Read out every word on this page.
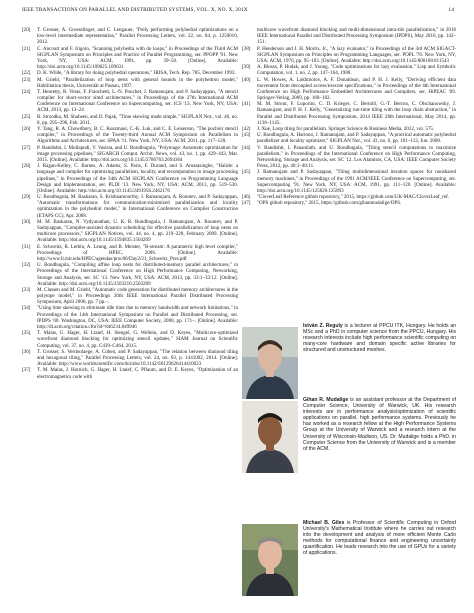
IEEE TRANSACTIONS ON PARALLEL AND DISTRIBUTED SYSTEMS, VOL. X, NO. X, 201X	14

[20]	T. Grosser, A. Groesslinger, and C. Lengauer, "Polly performing polyhedral optimizations on a low-level intermediate representation," Parallel Processing Letters, vol. 22, no. 04, p. 1250010, 2012.

[21]	C. Ancourt and F. Irigoin, "Scanning polyhedra with do loops," in Proceedings of the Third ACM SIGPLAN Symposium on Principles and Practice of Parallel Programming, ser. PPOPP '91. New York, NY, USA: ACM, 1991, pp. 39–50. [Online]. Available: http://doi.acm.org/10.1145/109625.109631

[22]	D. K. Wilde, "A library for doing polyhedral operations," IRISA, Tech. Rep. 785, December 1993.

[23]	M. Griebl, "Parallelization of loop nests with general bounds in the polyhedron model," Habilitation thesis, Universität at Passau, 1997.

[24]	T. Henretty, R. Veras, F. Franchetti, L.-N. Pouchet, J. Ramanujam, and P. Sadayappan, "A stencil compiler for short-vector simd architectures," in Proceedings of the 27th International ACM Conference on International Conference on Supercomputing, ser. ICS '13. New York, NY, USA: ACM, 2013, pp. 13–24.

[25]	R. Strzodka, M. Shaheen, and D. Pajak, "Time skewing made simple," SIGPLAN Not., vol. 46, no. 8, pp. 295–296, Feb. 2011.

[26]	Y. Tang, R. A. Chowdhury, B. C. Kuszmaul, C.-K. Luk, and C. E. Leiserson, "The pochoir stencil compiler," in Proceedings of the Twenty-third Annual ACM Symposium on Parallelism in Algorithms and Architectures, ser. SPAA '11. New York, NY, USA: ACM, 2011, pp. 117–128.

[27]	P. Bandishti, I. Mullapudi, V. Vasista, and U. Bondhugula, "Polymage: Automatic optimization for image processing pipelines," SIGARCH Comput. Archit. News, vol. 43, no. 1, pp. 429–443, Mar. 2015. [Online]. Available: http://doi.acm.org/10.1145/2786763.2694364

[28]	J. Ragan-Kelley, C. Barnes, A. Adams, S. Paris, F. Durand, and S. Amarasinghe, "Halide: a language and compiler for optimizing parallelism, locality, and recomputation in image processing pipelines," in Proceedings of the 34th ACM SIGPLAN Conference on Programming Language Design and Implementation, ser. PLDI '13. New York, NY, USA: ACM, 2013, pp. 519–530. [Online]. Available: http://doi.acm.org/10.1145/2491956.2462176

[29]	U. Bondhugula, M. Baskaran, S. Krishnamoorthy, J. Ramanujam, A. Rountev, and P. Sadayappan, "Automatic transformations for communication-minimized parallelization and locality optimization in the polyhedral model," in International Conference on Compiler Construction (ETAPS CC), Apr. 2008.

[30]	M. M. Baskaran, N. Vydyanathan, U. K. R. Bondhugula, J. Ramanujam, A. Rountev, and P. Sadayappan, "Compiler-assisted dynamic scheduling for effective parallelization of loop nests on multicore processors," SIGPLAN Notices, vol. 44, no. 4, pp. 219–228, February 2009. [Online]. Available: http://doi.acm.org/10.1145/1594835.1504209

[31]	E. Schweitz, R. Lethin, A. Leung, and B. Meister, "R-stream: A parametric high level compiler," Proceedings of HPEC, 2006. [Online]. Available: http://www.ll.mit.edu/HPEC/agendas/proc06/Day2/21_Schweitz_Pres.pdf

[32]	U. Bondhugula, "Compiling affine loop nests for distributed-memory parallel architectures," in Proceedings of the International Conference on High Performance Computing, Networking, Storage and Analysis, ser. SC '13. New York, NY, USA: ACM, 2013, pp. 33:1–33:12. [Online]. Available: http://doi.acm.org/10.1145/2503210.2503289

[33]	M. Classen and M. Griebl, "Automatic code generation for distributed memory architectures in the polytope model," in Proceedings 20th IEEE International Parallel Distributed Processing Symposium, April 2006, pp. 7 pp.–.

[34]	"Using time skewing to eliminate idle time due to memory bandwidth and network limitations," in Proceedings of the 14th International Symposium on Parallel and Distributed Processing, ser. IPDPS '00. Washington, DC, USA: IEEE Computer Society, 2000, pp. 171–. [Online]. Available: http://dl.acm.org/citation.cfm?id=846234.849946

[35]	T. Malas, G. Hager, H. Ltaief, H. Stengel, G. Wellein, and D. Keyes, "Multicore-optimized wavefront diamond blocking for optimizing stencil updates," SIAM Journal on Scientific Computing, vol. 37, no. 4, pp. C439–C464, 2015.

[36]	T. Grosser, S. Verdoolaege, A. Cohen, and P. Sadayappan, "The relation between diamond tiling and hexagonal tiling," Parallel Processing Letters, vol. 24, no. 03, p. 1441002, 2014. [Online]. Available: http://www.worldscientific.com/doi/abs/10.1142/S0129626414410023

[37]	T. M. Malas, J. Hornich, G. Hager, H. Ltaief, C. Pflaum, and D. E. Keyes, "Optimization of an electromagnetics code with

multicore wavefront diamond blocking and multi-dimensional intra-tile parallelization," in 2016 IEEE International Parallel and Distributed Processing Symposium (IPDPS), May 2016, pp. 142–151.

[38]	P. Henderson and J. H. Morris, Jr., "A lazy evaluator," in Proceedings of the 3rd ACM SIGACT-SIGPLAN Symposium on Principles on Programming Languages, ser. POPL '76. New York, NY, USA: ACM, 1976, pp. 95–103. [Online]. Available: http://doi.acm.org/10.1145/800168.811543

[39]	A. Blosss, P. Hudak, and J. Young, "Code optimizations for lazy evaluation," Lisp and Symbolic Computation, vol. 1, no. 2, pp. 147–164, 1988.

[40]	L. W. Howes, A. Lokhmotov, A. F. Donaldson, and P. H. J. Kelly, "Deriving efficient data movement from decoupled access/execute specifications," in Proceedings of the 4th International Conference on High Performance Embedded Architectures and Compilers, ser. HiPEAC '09. Springer-Verlag, 2009, pp. 168–182.

[41]	M. M. Strout, F. Luporini, C. D. Krieger, C. Bertolli, G.-T. Bercea, C. Olschanowsky, J. Ramanujam, and P. H. J. Kelly, "Generalizing run-time tiling with the loop chain abstraction," in Parallel and Distributed Processing Symposium, 2014 IEEE 28th International, May 2014, pp. 1136–1145.

[42]	J. Xue, Loop tiling for parallelism. Springer Science & Business Media, 2012, vol. 575.

[43]	U. Bondhugula, A. Hartono, J. Ramanujam, and P. Sadayappan, "A practical automatic polyhedral parallelizer and locality optimizer," SIGPLAN Not., vol. 43, no. 6, pp. 101–113, Jun. 2008.

[44]	V. Bandishti, I. Pananilath, and U. Bondhugula, "Tiling stencil computations to maximize parallelism," in Proceedings of the International Conference on High Performance Computing, Networking, Storage and Analysis, ser. SC '12. Los Alamitos, CA, USA: IEEE Computer Society Press, 2012, pp. 40:1–40:11.

[45]	J. Ramanujam and P. Sadayappan, "Tiling multidimensional iteration spaces for nonshared memory machines," in Proceedings of the 1991 ACM/IEEE Conference on Supercomputing, ser. Supercomputing '91. New York, NY, USA: ACM, 1991, pp. 111–120. [Online]. Available: http://doi.acm.org/10.1145/125826.125893

[46]	"CloverLeaf Reference github repository," 2015, https://github.com/UK-MAC/CloverLeaf_ref.

[47]	"OPS github repository," 2015, https://github.com/gihanmudalige/OPS.

István Z. Reguly is a lecturer at PPCU ITK, Hungary. He holds an MSc and a PhD in computer science from the PPCU, Hungary. His research interests include high performance scientific computing on many-core hardware and domain specific active libraries for structured and unstructured meshes.
Gihan R. Mudalige is an assistant professor at the Department of Computer Science, University of Warwick, UK. His research interests are in performance analysis/optimization of scientific applications on parallel, high performance systems. Previously he has worked as a research fellow at the High Performance Systems Group at the University of Warwick and a research intern at the University of Wisconsin-Madison, US. Dr. Mudalige holds a PhD. in Computer Science from the University of Warwick and is a member of the ACM.
Michael B. Giles is Professor of Scientific Computing in Oxford University's Mathematical Institute where he carries out research into the development and analysis of more efficient Monte Carlo methods for computational finance and engineering uncertainty quantification. He leads research into the use of GPUs for a variety of applications.
